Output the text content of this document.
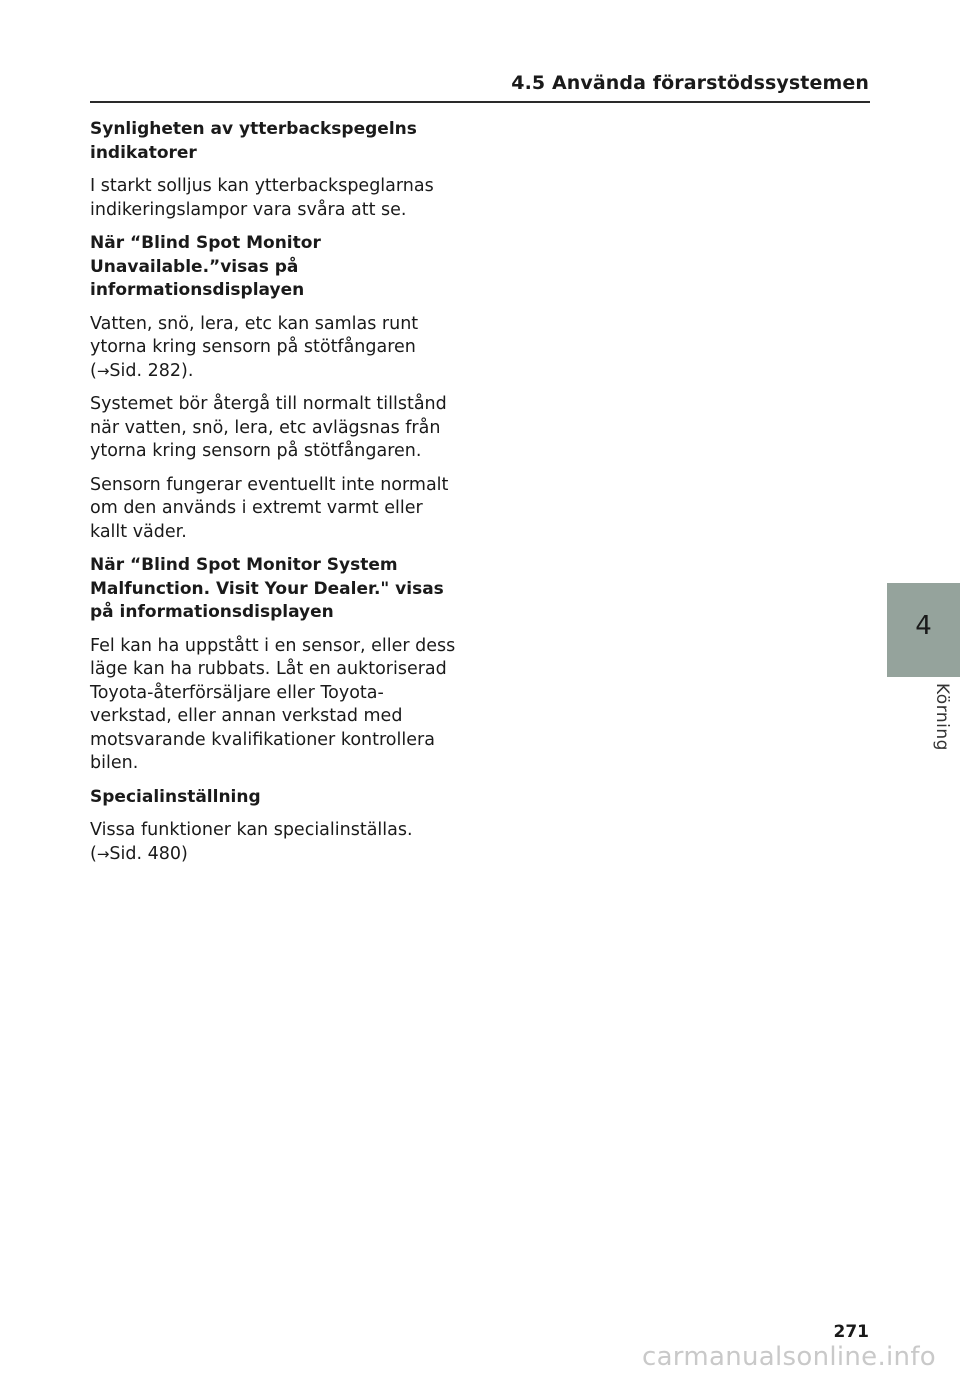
4.5 Använda förarstödssystemen

Synligheten av ytterbackspegelns indikatorer

I starkt solljus kan ytterbackspeglarnas indikeringslampor vara svåra att se.

När “Blind Spot Monitor Unavailable.”visas på informationsdisplayen

Vatten, snö, lera, etc kan samlas runt ytorna kring sensorn på stötfångaren (→Sid. 282).

Systemet bör återgå till normalt tillstånd när vatten, snö, lera, etc avlägsnas från ytorna kring sensorn på stötfångaren.

Sensorn fungerar eventuellt inte normalt om den används i extremt varmt eller kallt väder.

När “Blind Spot Monitor System Malfunction. Visit Your Dealer." visas på informationsdisplayen

Fel kan ha uppstått i en sensor, eller dess läge kan ha rubbats. Låt en auktoriserad Toyota-återförsäljare eller Toyota-verkstad, eller annan verkstad med motsvarande kvalifikationer kontrollera bilen.

Specialinställning

Vissa funktioner kan specialinställas. (→Sid. 480)

4
Körning
271
carmanualsonline.info
